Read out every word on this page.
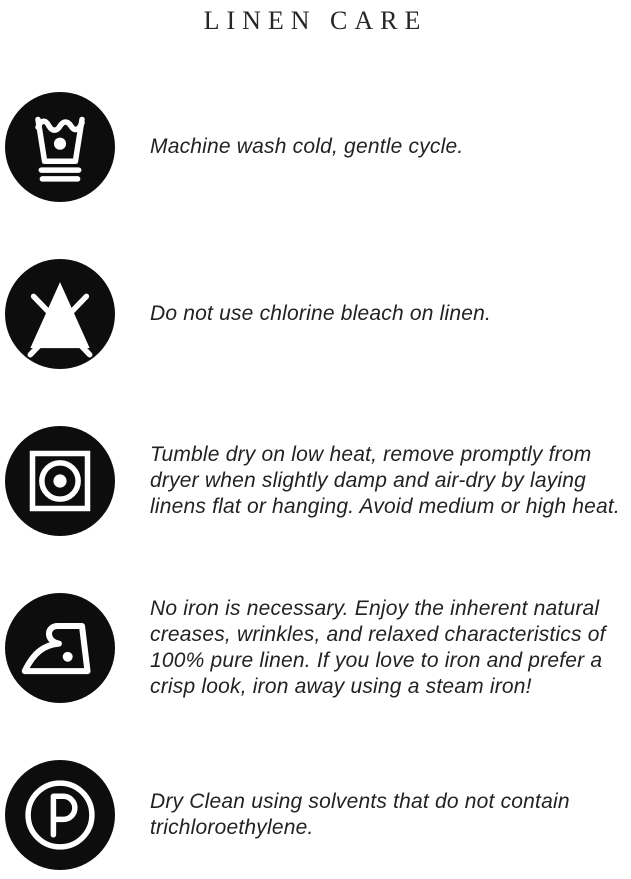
LINEN CARE
Machine wash cold, gentle cycle.
Do not use chlorine bleach on linen.
Tumble dry on low heat, remove promptly from dryer when slightly damp and air-dry by laying linens flat or hanging. Avoid medium or high heat.
No iron is necessary. Enjoy the inherent natural creases, wrinkles, and relaxed characteristics of 100% pure linen. If you love to iron and prefer a crisp look, iron away using a steam iron!
Dry Clean using solvents that do not contain trichloroethylene.
